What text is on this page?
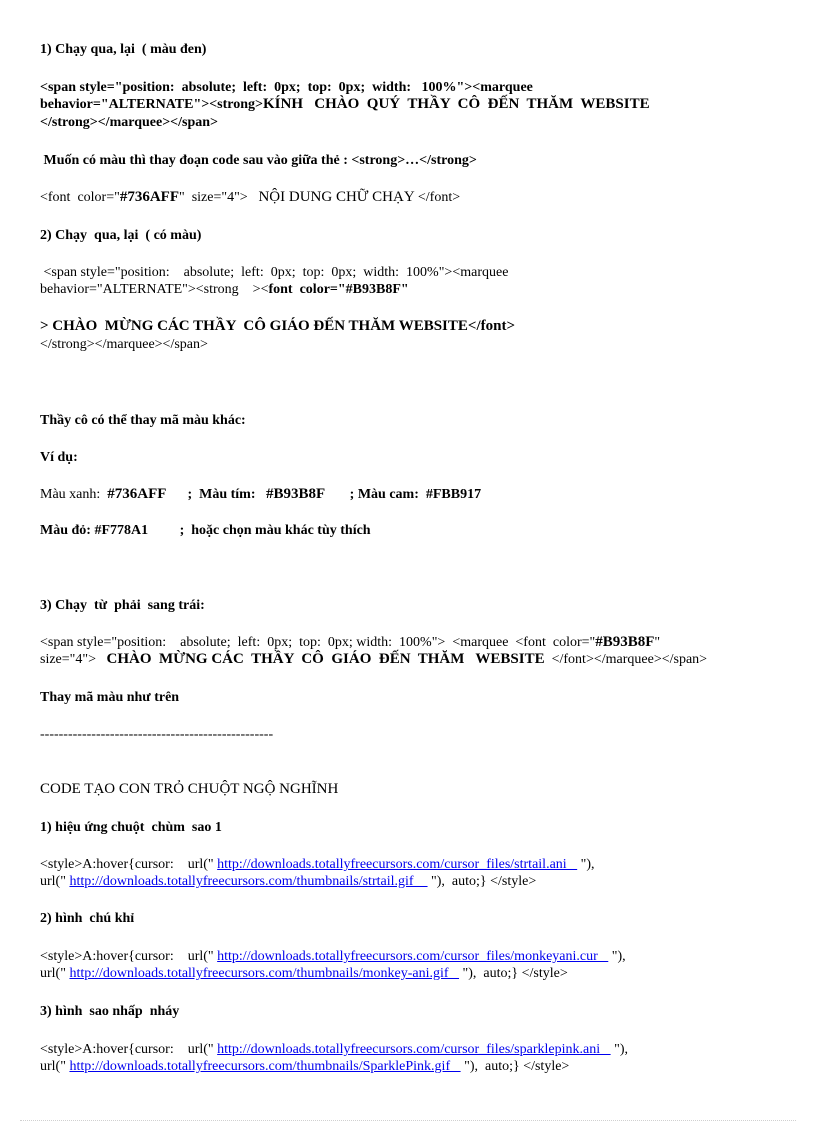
1) Chạy qua, lại  ( màu đen)
<span style="position:  absolute;  left:  0px;  top:  0px;  width:   100%"><marquee
behavior="ALTERNATE"><strong>KÍNH   CHÀO  QUÝ  THẦY  CÔ  ĐẾN  THĂM  WEBSITE
</strong></marquee></span>
Muốn có màu thì thay đoạn code sau vào giữa thẻ : <strong>…</strong>
<font  color="#736AFF"  size="4">   NỘI DUNG CHỮ CHẠY </font>
2) Chạy  qua, lại  ( có màu)
<span style="position:    absolute;  left:  0px;  top:  0px;  width:  100%"><marquee
behavior="ALTERNATE"><strong    ><font  color="#B93B8F"
> CHÀO  MỪNG CÁC THẦY  CÔ GIÁO ĐẾN THĂM WEBSITE</font>
</strong></marquee></span>
Thầy cô có thể thay mã màu khác:
Ví dụ:
Màu xanh:  #736AFF      ;  Màu tím:   #B93B8F       ; Màu cam:  #FBB917
Màu đỏ: #F778A1         ;  hoặc chọn màu khác tùy thích
3) Chạy  từ  phải  sang trái:
<span style="position:    absolute;  left:  0px;  top:  0px; width:  100%">  <marquee  <font  color="#B93B8F"
size="4">   CHÀO  MỪNG CÁC  THẦY  CÔ  GIÁO  ĐẾN  THĂM   WEBSITE  </font></marquee></span>
Thay mã màu như trên
--------------------------------------------------
CODE TẠO CON TRỎ CHUỘT NGỘ NGHĨNH
1) hiệu ứng chuột  chùm  sao 1
<style>A:hover{cursor:    url(" http://downloads.totallyfreecursors.com/cursor_files/strtail.ani    "),
url(" http://downloads.totallyfreecursors.com/thumbnails/strtail.gif     "),  auto;} </style>
2) hình  chú khỉ
<style>A:hover{cursor:    url(" http://downloads.totallyfreecursors.com/cursor_files/monkeyani.cur    "),
url(" http://downloads.totallyfreecursors.com/thumbnails/monkey-ani.gif    "),  auto;} </style>
3) hình  sao nhấp  nháy
<style>A:hover{cursor:    url(" http://downloads.totallyfreecursors.com/cursor_files/sparklepink.ani    "),
url(" http://downloads.totallyfreecursors.com/thumbnails/SparklePink.gif    "),  auto;} </style>
